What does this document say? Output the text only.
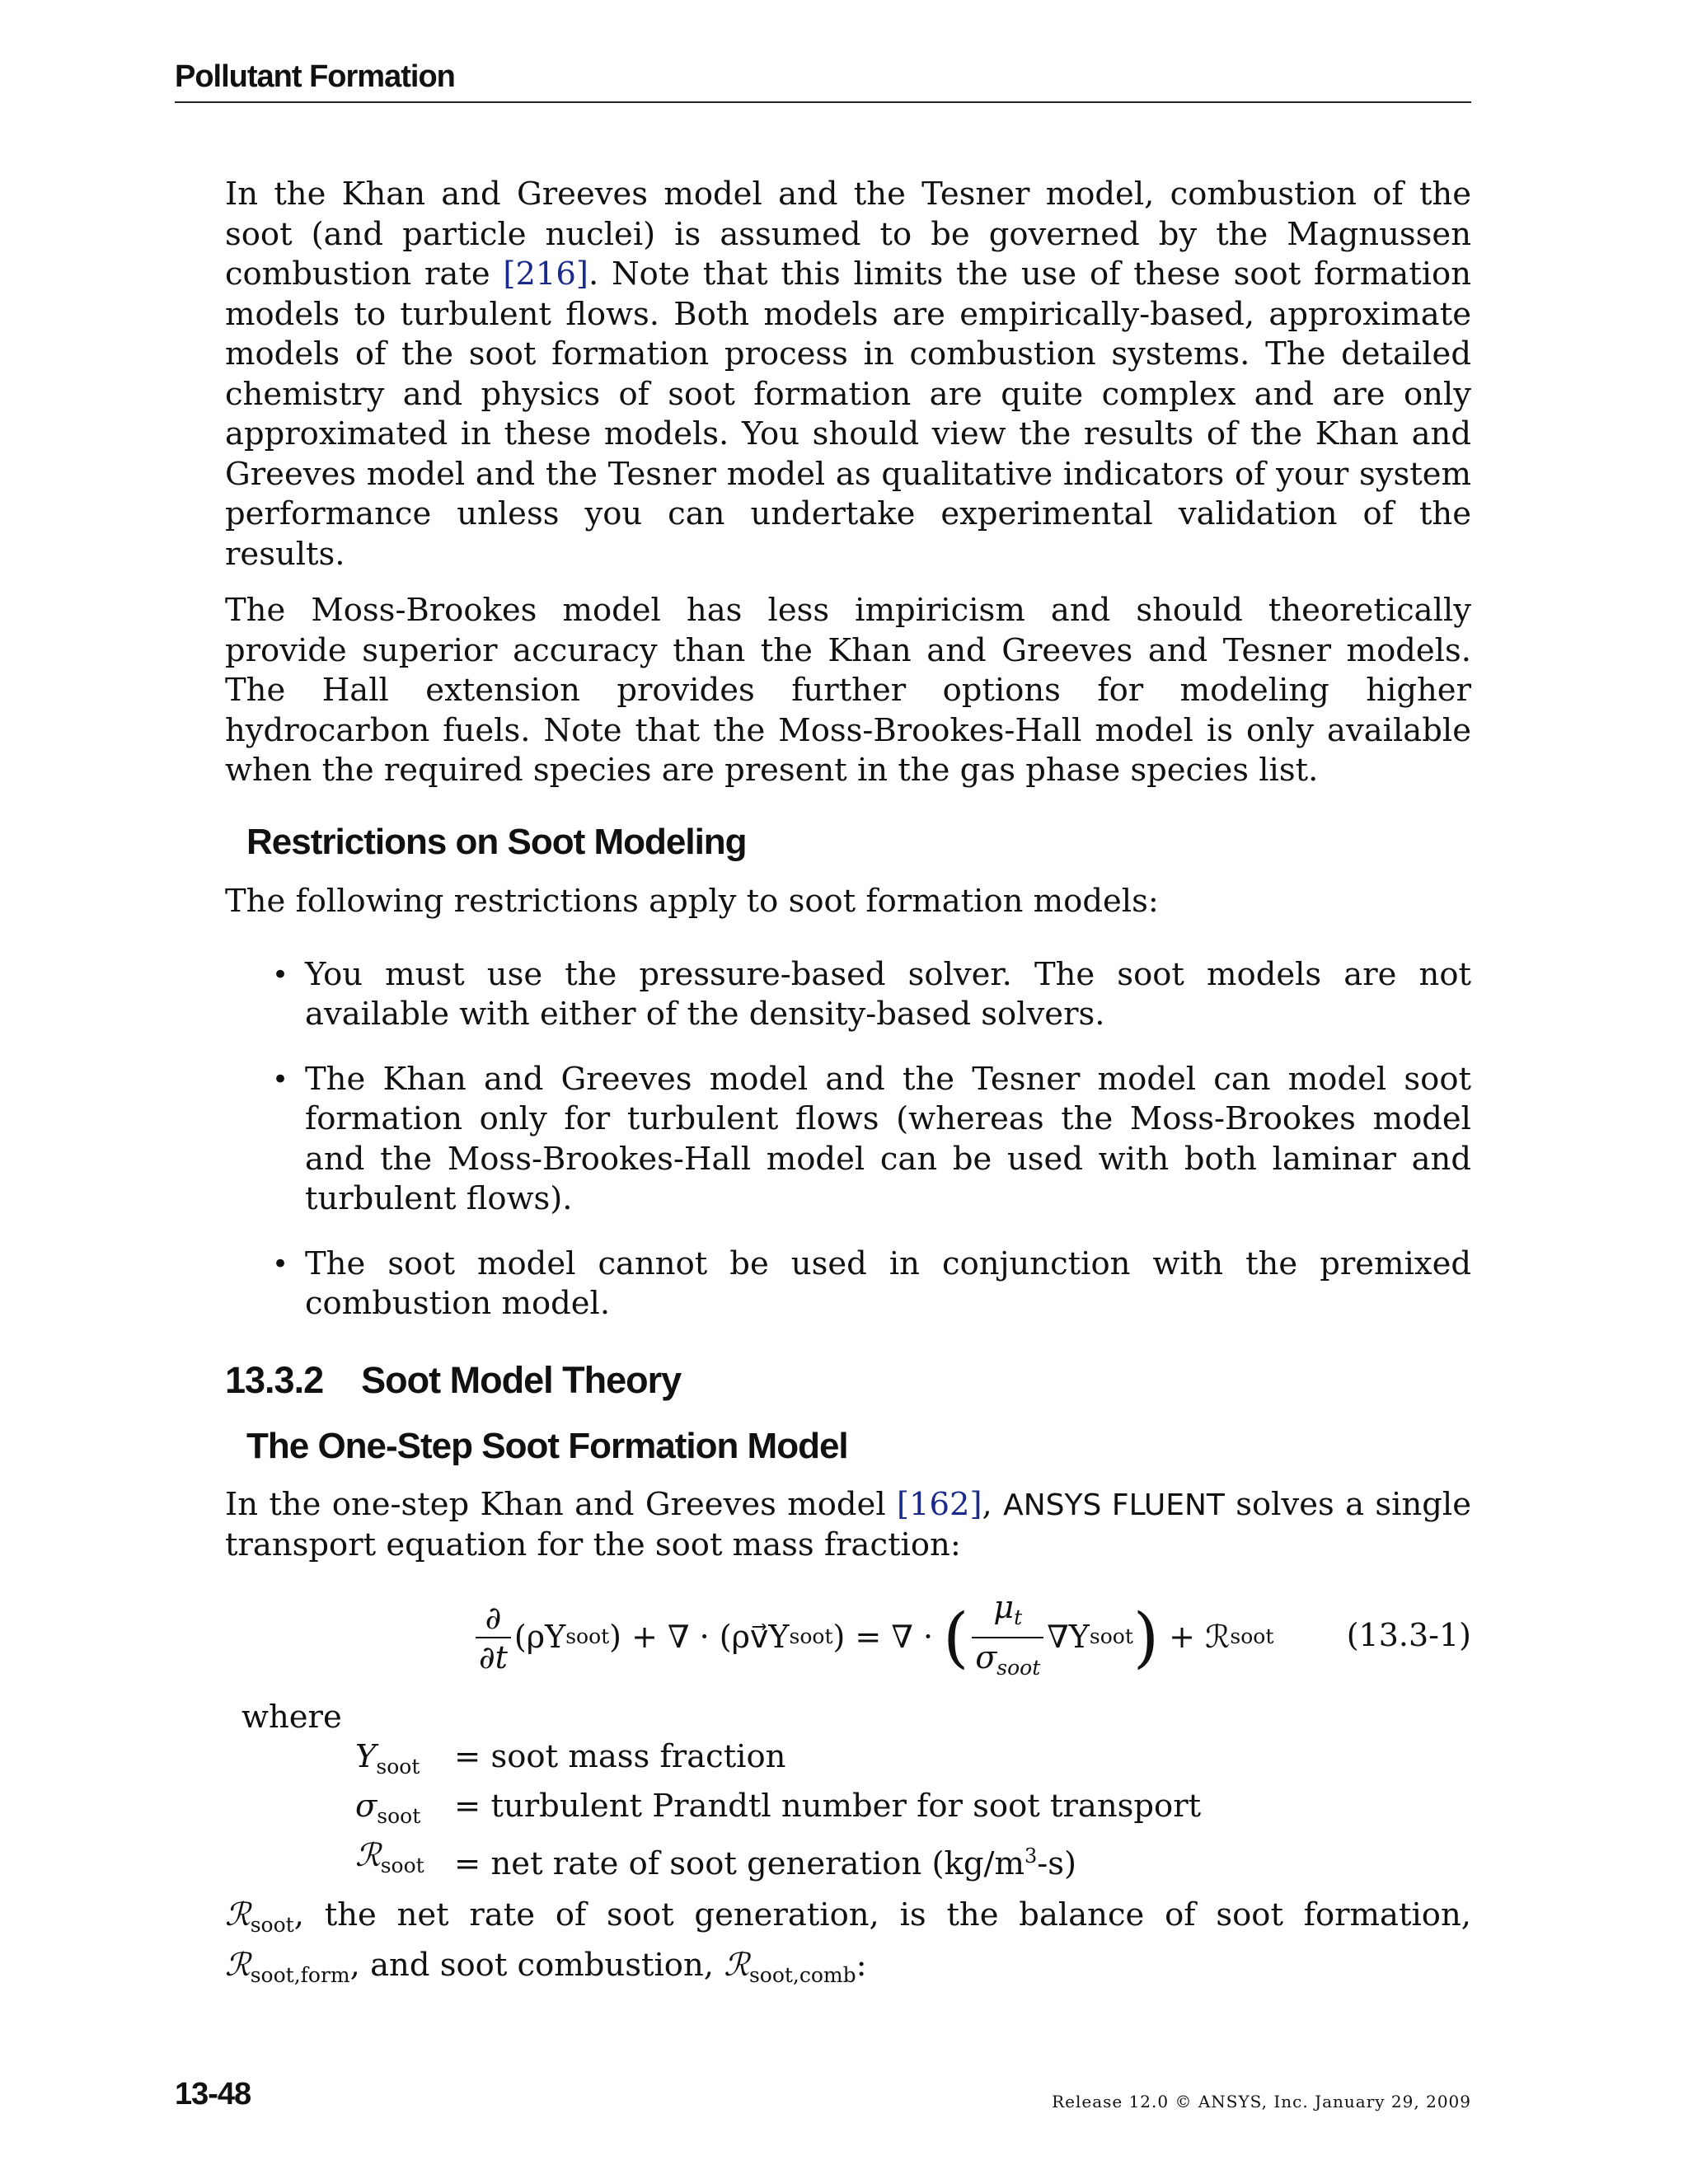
Pollutant Formation

In the Khan and Greeves model and the Tesner model, combustion of the soot (and particle nuclei) is assumed to be governed by the Magnussen combustion rate [216]. Note that this limits the use of these soot formation models to turbulent flows. Both models are empirically-based, approximate models of the soot formation process in combustion systems. The detailed chemistry and physics of soot formation are quite complex and are only approximated in these models. You should view the results of the Khan and Greeves model and the Tesner model as qualitative indicators of your system performance unless you can undertake experimental validation of the results.

The Moss-Brookes model has less impiricism and should theoretically provide superior accuracy than the Khan and Greeves and Tesner models. The Hall extension provides further options for modeling higher hydrocarbon fuels. Note that the Moss-Brookes-Hall model is only available when the required species are present in the gas phase species list.

Restrictions on Soot Modeling

The following restrictions apply to soot formation models:

• You must use the pressure-based solver. The soot models are not available with either of the density-based solvers.
• The Khan and Greeves model and the Tesner model can model soot formation only for turbulent flows (whereas the Moss-Brookes model and the Moss-Brookes-Hall model can be used with both laminar and turbulent flows).
• The soot model cannot be used in conjunction with the premixed combustion model.
13.3.2 Soot Model Theory
The One-Step Soot Formation Model

In the one-step Khan and Greeves model [162], ANSYS FLUENT solves a single transport equation for the soot mass fraction:

$\frac{\partial}{\partial t} (\rho Y$ soot ) + ∇ · (ρv⃗Y soot ) = ∇ · ( $\frac{\mu_t}{\sigma_{soot}} \nabla Y$ soot ) + ℛ soot (13.3-1)
where
$Y_{soot}$	= soot mass fraction
$\sigma_{soot}$	= turbulent Prandtl number for soot transport
ℛ$_{soot}$	= net rate of soot generation $(kg/m^3-s)$

ℛ$_{soot}$, the net rate of soot generation, is the balance of soot formation, ℛ$_{soot,form}$, and soot combustion, ℛ$_{soot,comb}$:

13-48	Release 12.0 © ANSYS, Inc. January 29, 2009
